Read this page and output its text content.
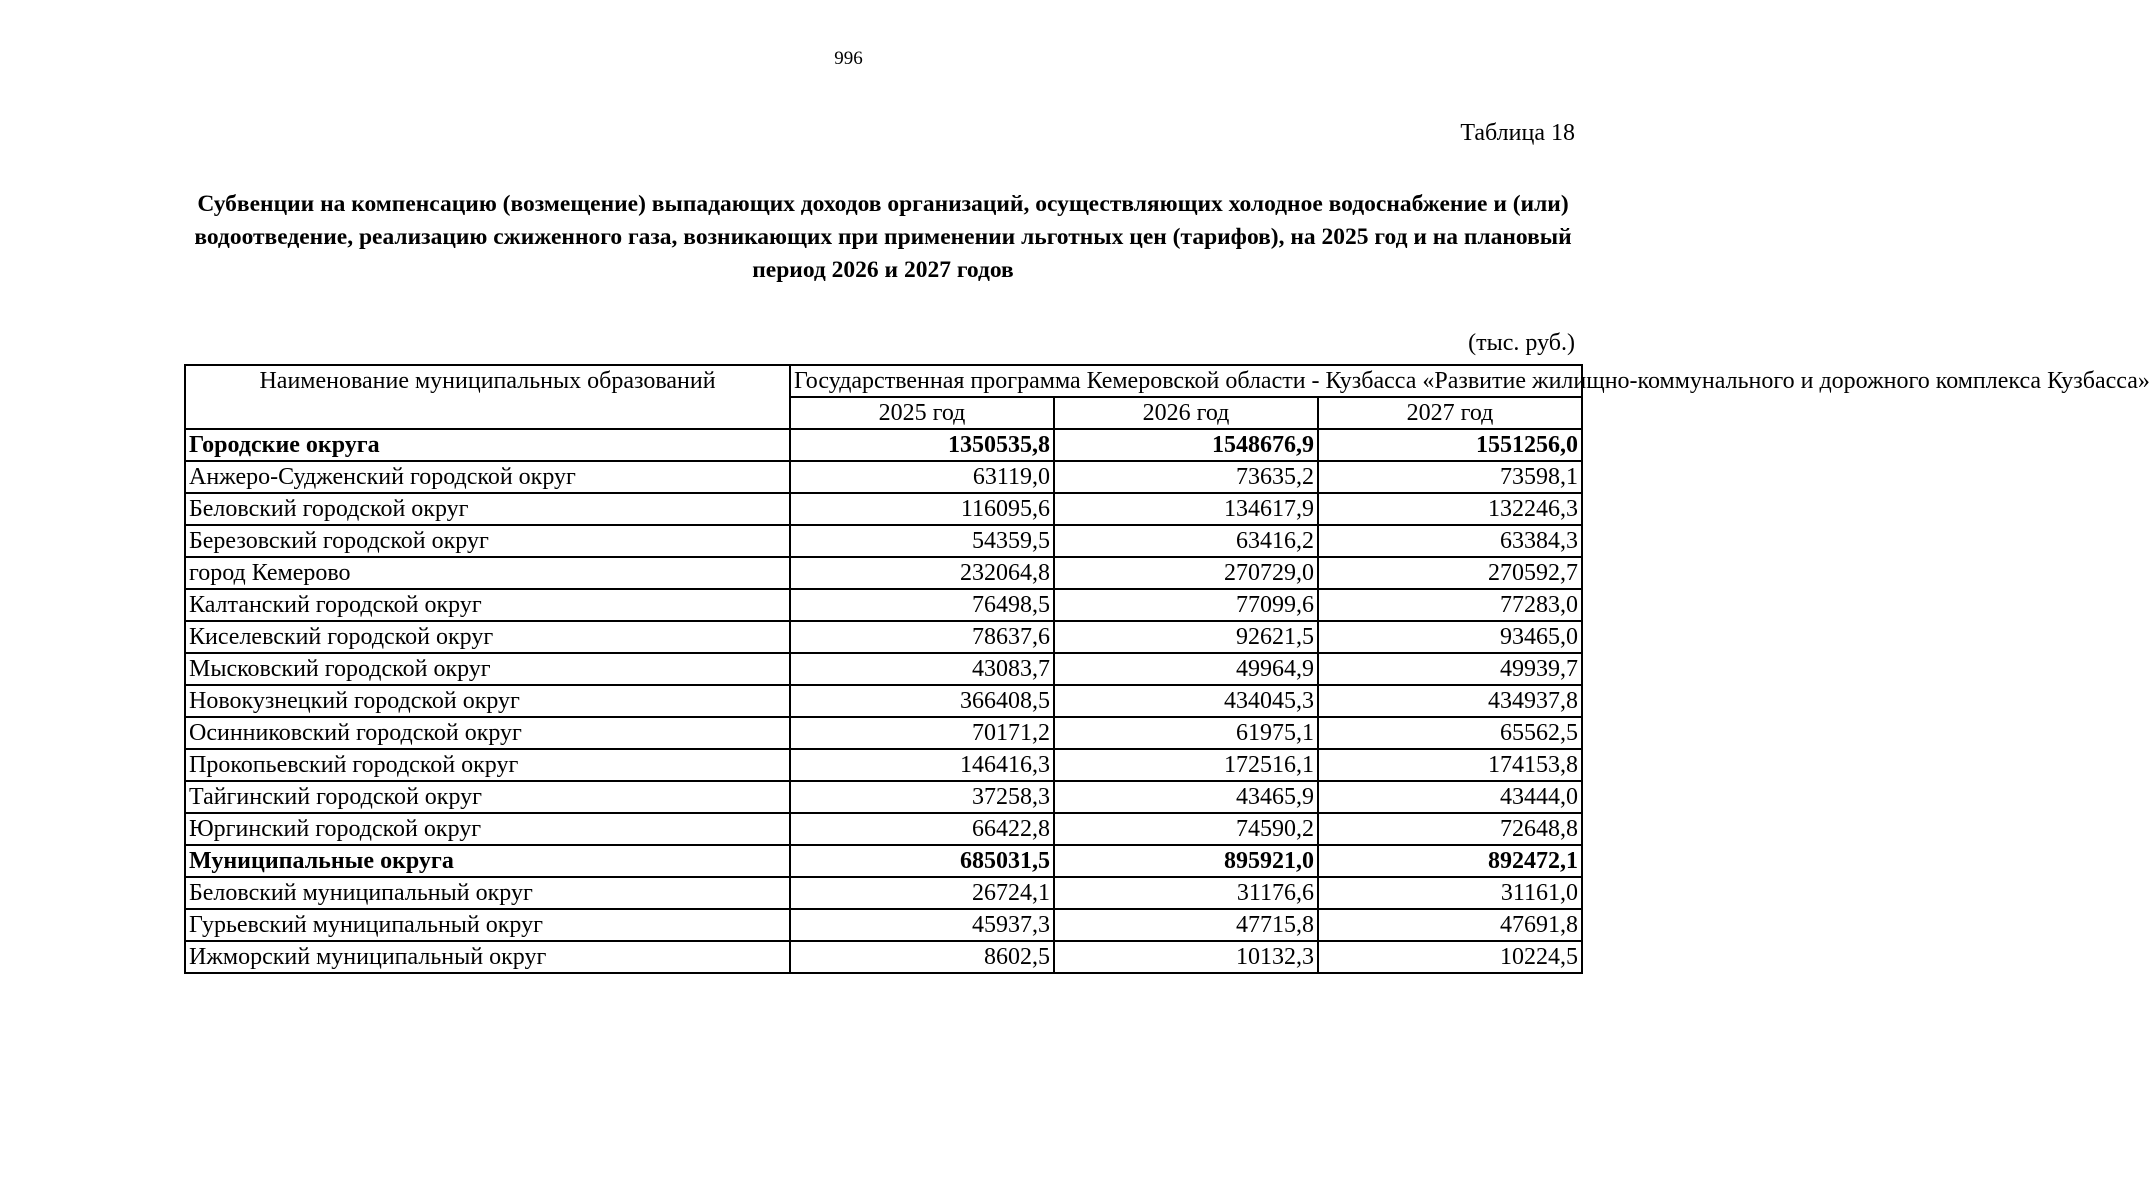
996
Таблица 18
Субвенции на компенсацию (возмещение) выпадающих доходов организаций, осуществляющих холодное водоснабжение и (или) водоотведение, реализацию сжиженного газа, возникающих при применении льготных цен (тарифов), на 2025 год и на плановый период 2026 и 2027 годов
(тыс. руб.)
Наименование муниципальных образований	Государственная программа Кемеровской области - Кузбасса «Развитие жилищно-коммунального и дорожного комплекса Кузбасса»		
	2025 год	2026 год	2027 год
Городские округа	1350535,8	1548676,9	1551256,0
Анжеро-Судженский городской округ	63119,0	73635,2	73598,1
Беловский городской округ	116095,6	134617,9	132246,3
Березовский городской округ	54359,5	63416,2	63384,3
город Кемерово	232064,8	270729,0	270592,7
Калтанский городской округ	76498,5	77099,6	77283,0
Киселевский городской округ	78637,6	92621,5	93465,0
Мысковский городской округ	43083,7	49964,9	49939,7
Новокузнецкий городской округ	366408,5	434045,3	434937,8
Осинниковский городской округ	70171,2	61975,1	65562,5
Прокопьевский городской округ	146416,3	172516,1	174153,8
Тайгинский городской округ	37258,3	43465,9	43444,0
Юргинский городской округ	66422,8	74590,2	72648,8
Муниципальные округа	685031,5	895921,0	892472,1
Беловский муниципальный округ	26724,1	31176,6	31161,0
Гурьевский муниципальный округ	45937,3	47715,8	47691,8
Ижморский муниципальный округ	8602,5	10132,3	10224,5
